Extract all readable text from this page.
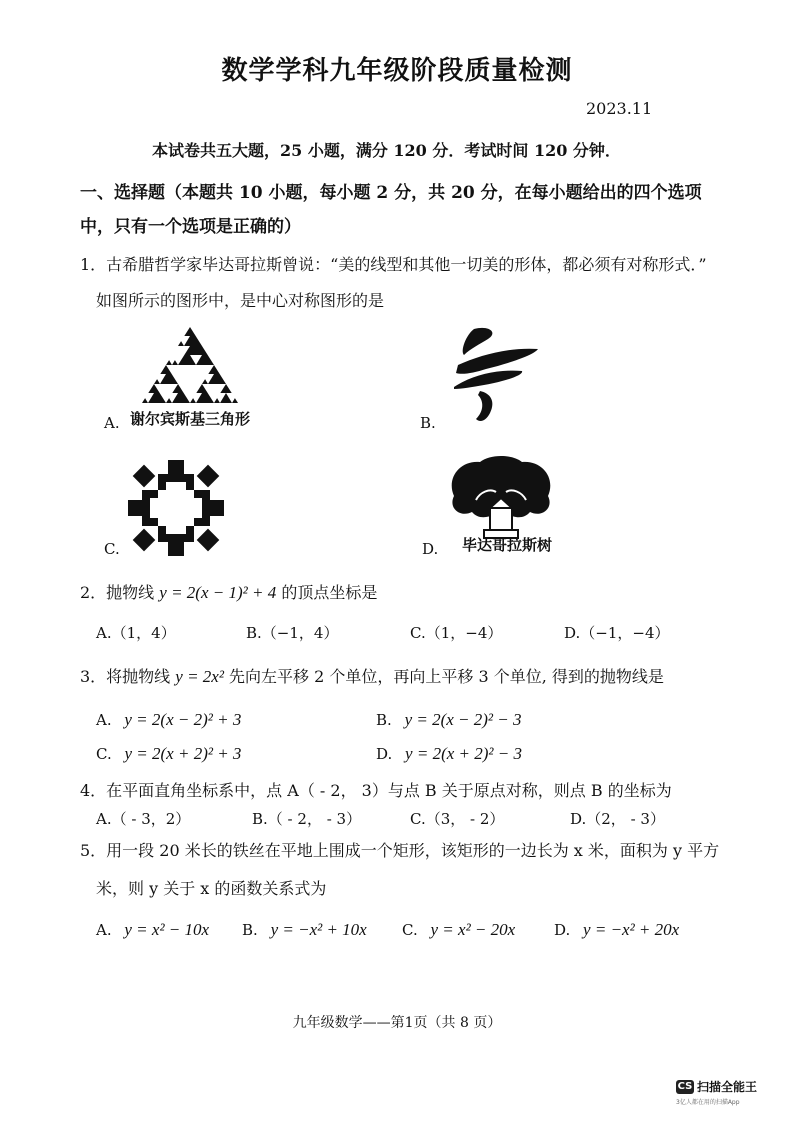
数学学科九年级阶段质量检测
2023.11
本试卷共五大题，25 小题，满分 120 分．考试时间 120 分钟．
一、选择题（本题共 10 小题，每小题 2 分，共 20 分，在每小题给出的四个选项中，只有一个选项是正确的）
1．古希腊哲学家毕达哥拉斯曾说：“美的线型和其他一切美的形体，都必须有对称形式．”
如图所示的图形中，是中心对称图形的是
A. 谢尔宾斯基三角形	B.
C.	D. 毕达哥拉斯树
2．抛物线 y = 2(x − 1)² + 4 的顶点坐标是
A.（1，4）	B.（−1，4）	C.（1，−4）	D.（−1，−4）
3．将抛物线 y = 2x² 先向左平移 2 个单位，再向上平移 3 个单位, 得到的抛物线是
A. y = 2(x − 2)² + 3	B. y = 2(x − 2)² − 3
C. y = 2(x + 2)² + 3	D. y = 2(x + 2)² − 3
4．在平面直角坐标系中，点 A（ - 2， 3）与点 B 关于原点对称，则点 B 的坐标为
A.（ - 3，2）	B.（ - 2， - 3）	C.（3， - 2）	D.（2， - 3）
5．用一段 20 米长的铁丝在平地上围成一个矩形，该矩形的一边长为 x 米，面积为 y 平方
米，则 y 关于 x 的函数关系式为
A. y = x² − 10x B. y = −x² + 10x C. y = x² − 20x	D. y = −x² + 20x
九年级数学——第1页（共 8 页）
CS 扫描全能王
3亿人都在用的扫描App
